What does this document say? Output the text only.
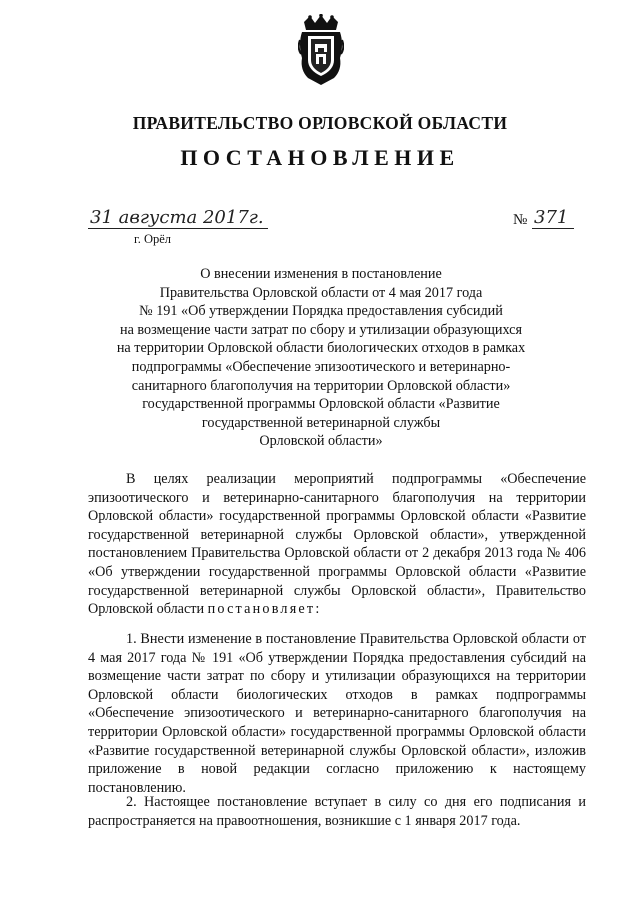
ПРАВИТЕЛЬСТВО ОРЛОВСКОЙ ОБЛАСТИ
ПОСТАНОВЛЕНИЕ
31 августа 2017г.
г. Орёл
№ 371
О внесении изменения в постановление
Правительства Орловской области от 4 мая 2017 года
№ 191 «Об утверждении Порядка предоставления субсидий
на возмещение части затрат по сбору и утилизации образующихся
на территории Орловской области биологических отходов в рамках
подпрограммы «Обеспечение эпизоотического и ветеринарно-
санитарного благополучия на территории Орловской области»
государственной программы Орловской области «Развитие
государственной ветеринарной службы
Орловской области»
В целях реализации мероприятий подпрограммы «Обеспечение эпизоотического и ветеринарно-санитарного благополучия на территории Орловской области» государственной программы Орловской области «Развитие государственной ветеринарной службы Орловской области», утвержденной постановлением Правительства Орловской области от 2 декабря 2013 года № 406 «Об утверждении государственной программы Орловской области «Развитие государственной ветеринарной службы Орловской области», Правительство Орловской области постановляет:
1. Внести изменение в постановление Правительства Орловской области от 4 мая 2017 года № 191 «Об утверждении Порядка предоставления субсидий на возмещение части затрат по сбору и утилизации образующихся на территории Орловской области биологических отходов в рамках подпрограммы «Обеспечение эпизоотического и ветеринарно-санитарного благополучия на территории Орловской области» государственной программы Орловской области «Развитие государственной ветеринарной службы Орловской области», изложив приложение в новой редакции согласно приложению к настоящему постановлению.
2. Настоящее постановление вступает в силу со дня его подписания и распространяется на правоотношения, возникшие с 1 января 2017 года.
